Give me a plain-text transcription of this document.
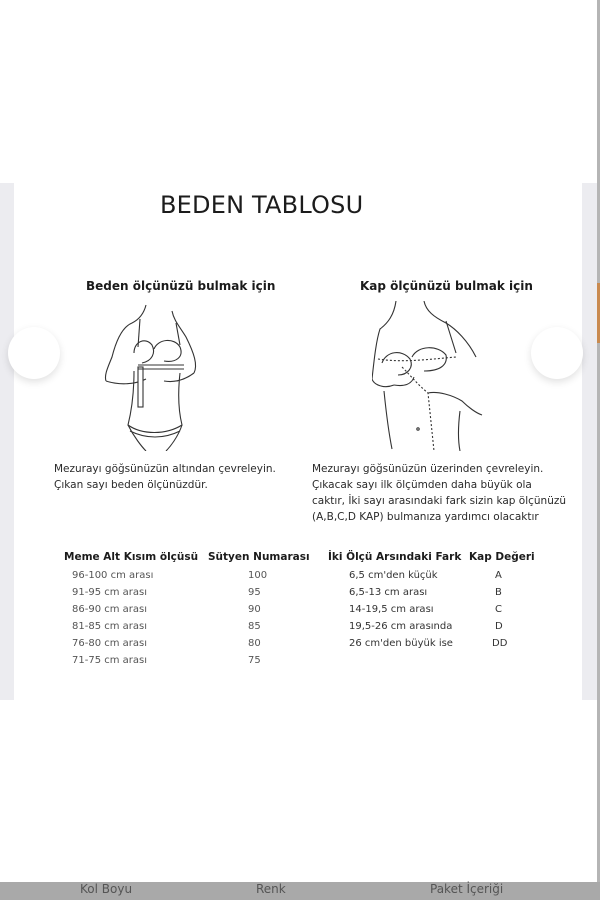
BEDEN TABLOSU
Beden ölçünüzü bulmak için	Kap ölçünüzü bulmak için
Mezurayı göğsünüzün altından çevreleyin.
Çıkan sayı beden ölçünüzdür.
Mezurayı göğsünüzün üzerinden çevreleyin.
Çıkacak sayı ilk ölçümden daha büyük ola
caktır, İki sayı arasındaki fark sizin kap ölçünüzü
(A,B,C,D KAP) bulmanıza yardımcı olacaktır
Meme Alt Kısım ölçüsü Sütyen Numarası
96-100 cm arası	100
91-95 cm arası	95
86-90 cm arası	90
81-85 cm arası	85
76-80 cm arası	80
71-75 cm arası	75
İki Ölçü Arsındaki Fark Kap Değeri
6,5 cm'den küçük	A
6,5-13 cm arası	B
14-19,5 cm arası	C
19,5-26 cm arasında	D
26 cm'den büyük ise	DD
Kol Boyu	Renk	Paket İçeriği
